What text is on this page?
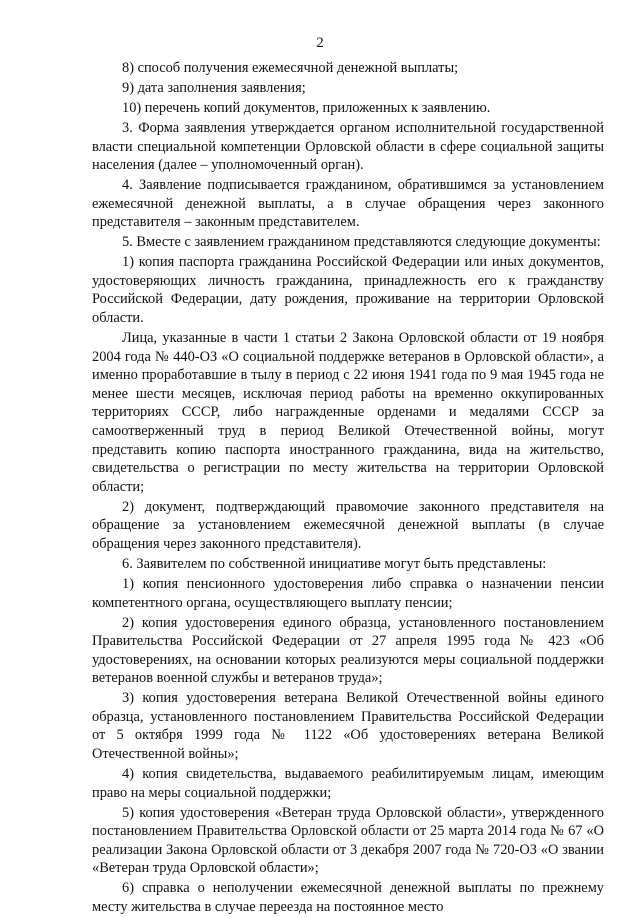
2

8) способ получения ежемесячной денежной выплаты;

9) дата заполнения заявления;

10) перечень копий документов, приложенных к заявлению.

3. Форма заявления утверждается органом исполнительной государственной власти специальной компетенции Орловской области в сфере социальной защиты населения (далее – уполномоченный орган).

4. Заявление подписывается гражданином, обратившимся за установлением ежемесячной денежной выплаты, а в случае обращения через законного представителя – законным представителем.

5. Вместе с заявлением гражданином представляются следующие документы:

1) копия паспорта гражданина Российской Федерации или иных документов, удостоверяющих личность гражданина, принадлежность его к гражданству Российской Федерации, дату рождения, проживание на территории Орловской области.

Лица, указанные в части 1 статьи 2 Закона Орловской области от 19 ноября 2004 года № 440-ОЗ «О социальной поддержке ветеранов в Орловской области», а именно проработавшие в тылу в период с 22 июня 1941 года по 9 мая 1945 года не менее шести месяцев, исключая период работы на временно оккупированных территориях СССР, либо награжденные орденами и медалями СССР за самоотверженный труд в период Великой Отечественной войны, могут представить копию паспорта иностранного гражданина, вида на жительство, свидетельства о регистрации по месту жительства на территории Орловской области;

2) документ, подтверждающий правомочие законного представителя на обращение за установлением ежемесячной денежной выплаты (в случае обращения через законного представителя).

6. Заявителем по собственной инициативе могут быть представлены:

1) копия пенсионного удостоверения либо справка о назначении пенсии компетентного органа, осуществляющего выплату пенсии;

2) копия удостоверения единого образца, установленного постановлением Правительства Российской Федерации от 27 апреля 1995 года № 423 «Об удостоверениях, на основании которых реализуются меры социальной поддержки ветеранов военной службы и ветеранов труда»;

3) копия удостоверения ветерана Великой Отечественной войны единого образца, установленного постановлением Правительства Российской Федерации от 5 октября 1999 года № 1122 «Об удостоверениях ветерана Великой Отечественной войны»;

4) копия свидетельства, выдаваемого реабилитируемым лицам, имеющим право на меры социальной поддержки;

5) копия удостоверения «Ветеран труда Орловской области», утвержденного постановлением Правительства Орловской области от 25 марта 2014 года № 67 «О реализации Закона Орловской области от 3 декабря 2007 года № 720-ОЗ «О звании «Ветеран труда Орловской области»;

6) справка о неполучении ежемесячной денежной выплаты по прежнему месту жительства в случае переезда на постоянное место
